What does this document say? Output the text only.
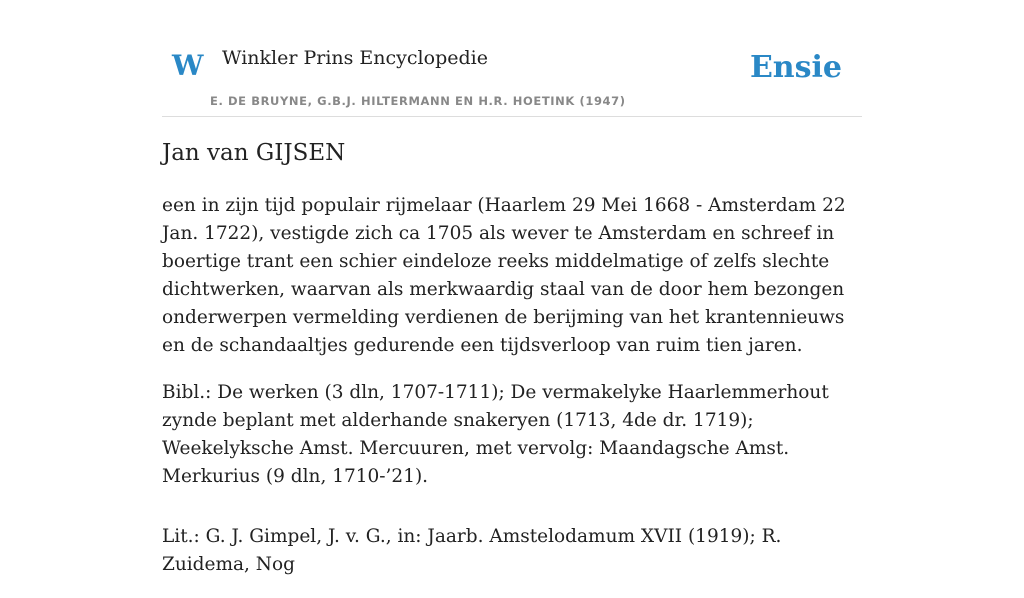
W Winkler Prins Encyclopedie
E. DE BRUYNE, G.B.J. HILTERMANN EN H.R. HOETINK (1947)
Ensie
Jan van GIJSEN

een in zijn tijd populair rijmelaar (Haarlem 29 Mei 1668 - Amsterdam 22 Jan. 1722), vestigde zich ca 1705 als wever te Amsterdam en schreef in boertige trant een schier eindeloze reeks middelmatige of zelfs slechte dichtwerken, waarvan als merkwaardig staal van de door hem bezongen onderwerpen vermelding verdienen de berijming van het krantennieuws en de schandaaltjes gedurende een tijdsverloop van ruim tien jaren.

Bibl.: De werken (3 dln, 1707-1711); De vermakelyke Haarlemmerhout zynde beplant met alderhande snakeryen (1713, 4de dr. 1719); Weekelyksche Amst. Mercuuren, met vervolg: Maandagsche Amst. Merkurius (9 dln, 1710-’21).

Lit.: G. J. Gimpel, J. v. G., in: Jaarb. Amstelodamum XVII (1919); R. Zuidema, Nog
